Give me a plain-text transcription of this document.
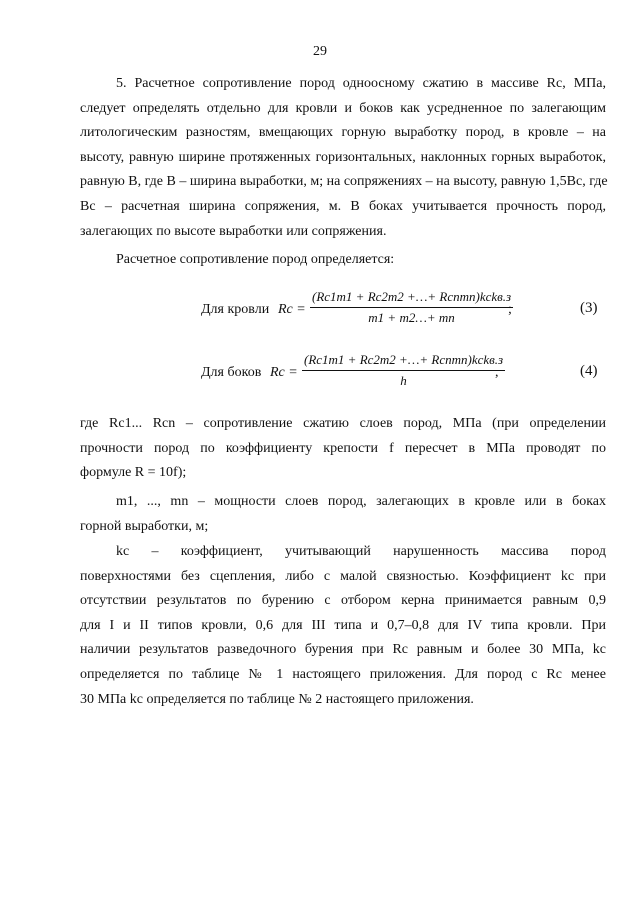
29
5. Расчетное сопротивление пород одноосному сжатию в массиве Rс, МПа,
следует определять отдельно для кровли и боков как усредненное по залегающим
литологическим разностям, вмещающих горную выработку пород, в кровле – на
высоту, равную ширине протяженных горизонтальных, наклонных горных выработок,
равную B, где B – ширина выработки, м; на сопряжениях – на высоту, равную 1,5Bс, где
Bс – расчетная ширина сопряжения, м. В боках учитывается прочность пород,
залегающих по высоте выработки или сопряжения.
Расчетное сопротивление пород определяется:
Для кровли Rс =
(Rс1m1 + Rс2m2 +…+ Rсnmn)kсkв.з
m1 + m2…+ mn
;	(3)
Для боков Rс =
(Rс1m1 + Rс2m2 +…+ Rсnmn)kсkв.з
h
,	(4)
где Rс1... Rсn – сопротивление сжатию слоев пород, МПа (при определении
прочности пород по коэффициенту крепости f пересчет в МПа проводят по
формуле R = 10f);
m1, ..., mn – мощности слоев пород, залегающих в кровле или в боках
горной выработки, м;
kс – коэффициент, учитывающий нарушенность массива пород
поверхностями без сцепления, либо с малой связностью. Коэффициент kс при
отсутствии результатов по бурению с отбором керна принимается равным 0,9
для I и II типов кровли, 0,6 для III типа и 0,7–0,8 для IV типа кровли. При
наличии результатов разведочного бурения при Rс равным и более 30 МПа, kс
определяется по таблице № 1 настоящего приложения. Для пород с Rс менее
30 МПа kс определяется по таблице № 2 настоящего приложения.
